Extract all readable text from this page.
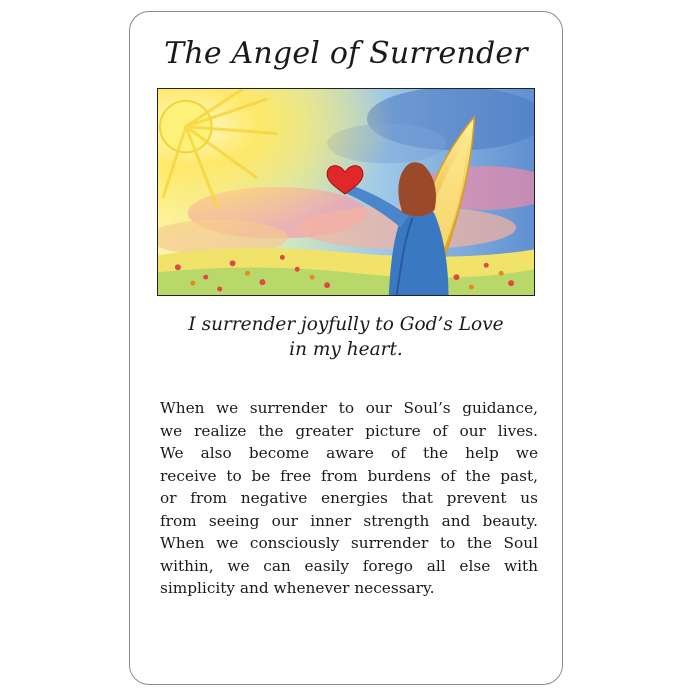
The Angel of Surrender
I surrender joyfully to God’s Love
in my heart.
When we surrender to our Soul’s guidance,
we realize the greater picture of our lives.
We also become aware of the help we
receive to be free from burdens of the past,
or from negative energies that prevent us
from seeing our inner strength and beauty.
When we consciously surrender to the Soul
within, we can easily forego all else with
simplicity and whenever necessary.
